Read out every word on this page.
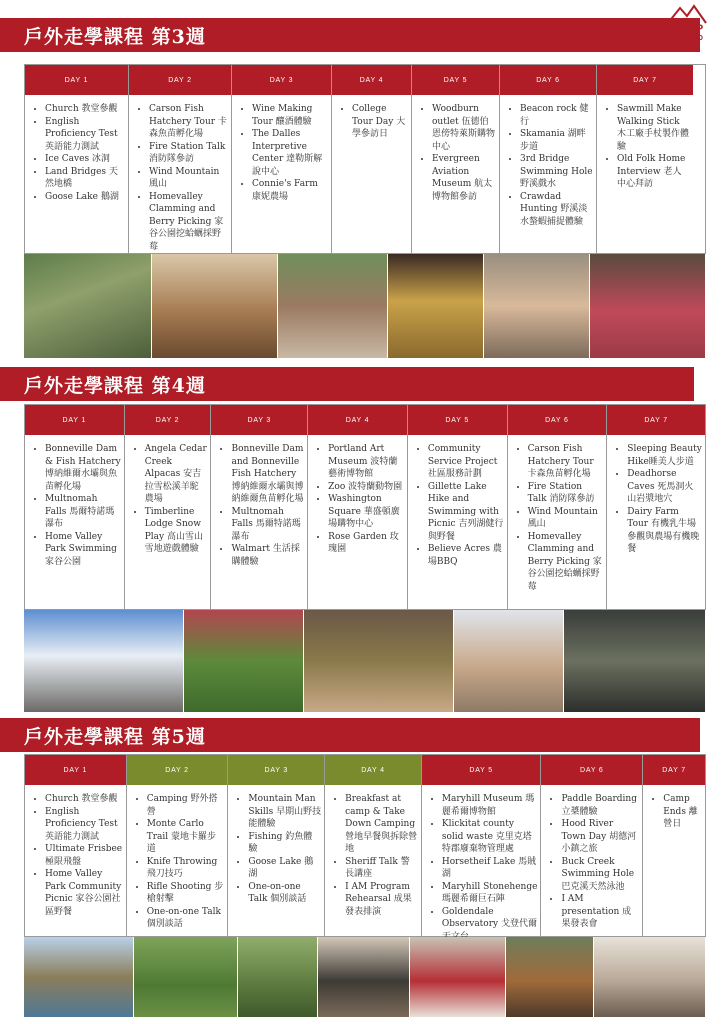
戶外走學課程 第3週	CAMP
BEYOND
DAY 1
• Church 教堂參觀
• English Proficiency Test 英語能力測試
• Ice Caves 冰洞
• Land Bridges 天然地橋
• Goose Lake 鵝湖
DAY 2
• Carson Fish Hatchery Tour 卡森魚苗孵化場
• Fire Station Talk 消防隊參訪
• Wind Mountain 風山
• Homevalley Clamming and Berry Picking 家谷公園挖蛤蠣採野莓
DAY 3
• Wine Making Tour 釀酒體驗
• The Dalles Interpretive Center 達勒斯解說中心
• Connie's Farm 康妮農場
DAY 4
• College Tour Day 大學參訪日
DAY 5
• Woodburn outlet 伍德伯恩傍特萊斯購物中心
• Evergreen Aviation Museum 航太博物館參訪
DAY 6
• Beacon rock 健行
• Skamania 湖畔步道
• 3rd Bridge Swimming Hole 野溪戲水
• Crawdad Hunting 野溪淡水螯蝦捕捉體驗
DAY 7
• Sawmill Make Walking Stick 木工廠手杖製作體驗
• Old Folk Home Interview 老人中心拜訪
戶外走學課程 第4週
DAY 1
• Bonneville Dam & Fish Hatchery 博納維爾水壩與魚苗孵化場
• Multnomah Falls 馬爾特諾瑪瀑布
• Home Valley Park Swimming 家谷公園
DAY 2
• Angela Cedar Creek Alpacas 安吉拉雪松溪羊駝農場
• Timberline Lodge Snow Play 高山雪山雪地遊戲體驗
DAY 3
• Bonneville Dam and Bonneville Fish Hatchery 博納維爾水壩與博納維爾魚苗孵化場
• Multnomah Falls 馬爾特諾瑪瀑布
• Walmart 生活採購體驗
DAY 4
• Portland Art Museum 波特蘭藝術博物館
• Zoo 波特蘭動物園
• Washington Square 華盛頓廣場購物中心
• Rose Garden 玫瑰園
DAY 5
• Community Service Project 社區服務計劃
• Gillette Lake Hike and Swimming with Picnic 吉列湖健行與野餐
• Believe Acres 農場BBQ
DAY 6
• Carson Fish Hatchery Tour 卡森魚苗孵化場
• Fire Station Talk 消防隊參訪
• Wind Mountain 風山
• Homevalley Clamming and Berry Picking 家谷公園挖蛤蠣採野莓
DAY 7
• Sleeping Beauty Hike睡美人步道
• Deadhorse Caves 死馬洞火山岩漿地穴
• Dairy Farm Tour 有機乳牛場參觀與農場有機晚餐
戶外走學課程 第5週
DAY 1
• Church 教堂參觀
• English Proficiency Test 英語能力測試
• Ultimate Frisbee 極限飛盤
• Home Valley Park Community Picnic 家谷公園社區野餐
DAY 2
• Camping 野外搭營
• Monte Carlo Trail 蒙地卡羅步道
• Knife Throwing 飛刀技巧
• Rifle Shooting 步槍射擊
• One-on-one Talk 個別談話
DAY 3
• Mountain Man Skills 早期山野技能體驗
• Fishing 釣魚體驗
• Goose Lake 鵝湖
• One-on-one Talk 個別談話
DAY 4
• Breakfast at camp & Take Down Camping 營地早餐與拆除營地
• Sheriff Talk 警長講座
• I AM Program Rehearsal 成果發表排演
DAY 5
• Maryhill Museum 瑪麗希爾博物館
• Klickitat county solid waste 克里克塔特郡廢棄物管理處
• Horsetheif Lake 馬賊湖
• Maryhill Stonehenge 瑪麗希爾巨石陣
• Goldendale Observatory 戈登代爾
DAY 6
• Paddle Boarding 立槳體驗
• Hood River Town Day 胡德河小鎮之旅
• Buck Creek Swimming Hole 巴克溪天然泳池
• I AM presentation 成果發表會
DAY 7
• Camp Ends 離營日
